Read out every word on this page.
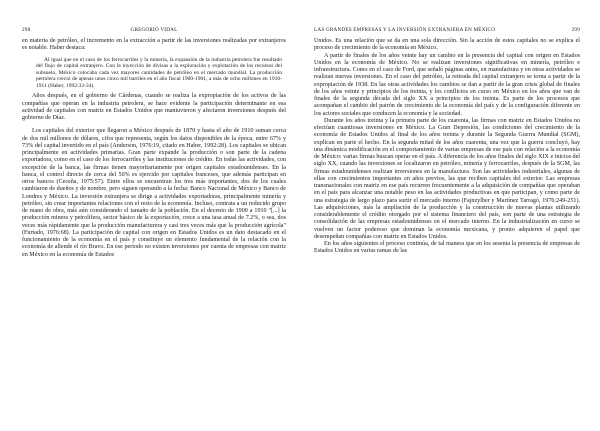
298	GREGORIO VIDAL

en materia de petróleo, el incremento en la extracción a partir de las inversiones realizadas por extranjeros es notable. Haber destaca:

Al igual que en el caso de los ferrocarriles y la minería, la expansión de la industria petrolera fue resultado del flujo de capital extranjero. Con la inyección de divisas a la exploración y explotación de los recursos del subsuelo, México colocaba cada vez mayores cantidades de petróleo en el mercado mundial. La producción petrolera creció de apenas unos cinco mil barriles en el año fiscal 1900-1901, a más de ocho millones en 1910-1911 (Haber, 1992:33-34).

Años después, en el gobierno de Cárdenas, cuando se realiza la expropiación de los activos de las compañías que operan en la industria petrolera, se hace evidente la participación determinante en esa actividad de capitales con matriz en Estados Unidos que mantuvieron y afectaron inversiones después del gobierno de Díaz.

Los capitales del exterior que llegaron a México después de 1870 y hasta el año de 1910 suman cerca de dos mil millones de dólares, cifra que representa, según los datos disponibles de la época, entre 67% y 73% del capital invertido en el país (Anderson, 1976:19, citado en Haber, 1992:28). Los capitales se ubican principalmente en actividades primarias. Gran parte expande la producción o son parte de la cadena exportadora, como en el caso de los ferrocarriles y las instituciones de crédito. En todas las actividades, con excepción de la banca, las firmas tienen mayoritariamente por origen capitales estadounidenses. En la banca, el control directo de cerca del 50% es ejercido por capitales franceses, que además participan en otros bancos (Ceceña, 1975:57). Entre ellos se encuentran los tres más importantes, dos de los cuales cambiaron de dueños y de nombre, pero siguen operando a la fecha: Banco Nacional de México y Banco de Londres y México. La inversión extranjera se dirige a actividades exportadoras, principalmente minería y petróleo, sin crear importantes relaciones con el resto de la economía. Incluso, contrata a un reducido grupo de mano de obra, más aún considerando el tamaño de la población. En el decenio de 1900 a 1910 "[...] la producción minera y petrolífera, sector básico de la exportación, crece a una tasa anual de 7.2%, o sea, dos veces más rápidamente que la producción manufacturera y casi tres veces más que la producción agrícola" (Furtado, 1976:68). La participación de capital con origen en Estados Unidos es un dato destacado en el funcionamiento de la economía en el país y constituye un elemento fundamental de la relación con la economía de allende el río Bravo. En ese periodo no existen inversiones por cuenta de empresas con matriz en México en la economía de Estados

LAS GRANDES EMPRESAS Y LA INVERSIÓN EXTRANJERA EN MÉXICO	299

Unidos. Es una relación que se da en una sola dirección. Sin la acción de estos capitales no se explica el proceso de crecimiento de la economía en México.

A partir de finales de los años veinte hay un cambio en la presencia del capital con origen en Estados Unidos en la economía de México. No se realizan inversiones significativas en minería, petróleo e infraestructura. Como en el caso de Ford, que señaló páginas antes, en manufactura y en otras actividades se realizan nuevas inversiones. En el caso del petróleo, la retirada del capital extranjero se torna a partir de la expropiación de 1938. En las otras actividades los cambios se dan a partir de la gran crisis global de finales de los años veinte y principios de los treinta, y los conflictos en curso en México en los años que van de finales de la segunda década del siglo XX a principios de los treinta. Es parte de los procesos que acompañan el cambio del patrón de crecimiento de la economía del país y de la configuración diferente en los actores sociales que conducen la economía y la sociedad.

Durante los años treinta y la primera parte de los cuarenta, las firmas con matriz en Estados Unidos no efectúan cuantiosas inversiones en México. La Gran Depresión, las condiciones del crecimiento de la economía de Estados Unidos al final de los años treinta y durante la Segunda Guerra Mundial (SGM), explican en parte el hecho. En la segunda mitad de los años cuarenta, una vez que la guerra concluyó, hay una dinámica modificación en el comportamiento de varias empresas de ese país con relación a la economía de México: varias firmas buscan operar en el país. A diferencia de los años finales del siglo XIX e inicios del siglo XX, cuando las inversiones se localizaron en petróleo, minería y ferrocarriles, después de la SGM, las firmas estadounidenses realizan inversiones en la manufactura. Son las actividades industriales, algunas de ellas con crecimientos importantes en años previos, las que reciben capitales del exterior. Las empresas transnacionales con matriz en ese país recurren frecuentemente a la adquisición de compañías que operaban en el país para alcanzar una notable peso en las actividades productivas en que participan, y como parte de una estrategia de largo plazo para surtir el mercado interno (Fajnzylber y Martínez Tarragó, 1976:249-251). Las adquisiciones, más la ampliación de la producción y la construcción de nuevas plantas utilizando considerablemente el crédito otorgado por el sistema financiero del país, son parte de una estrategia de consolidación de las empresas estadounidenses en el mercado interno. En la industrialización en curso se vuelven un factor poderoso que dominan la economía mexicana, y pronto adquieren el papel que desempeñan compañías con matriz en Estados Unidos.

En los años siguientes el proceso continúa, de tal manera que en los sesenta la presencia de empresas de Estados Unidos en varias ramas de las
